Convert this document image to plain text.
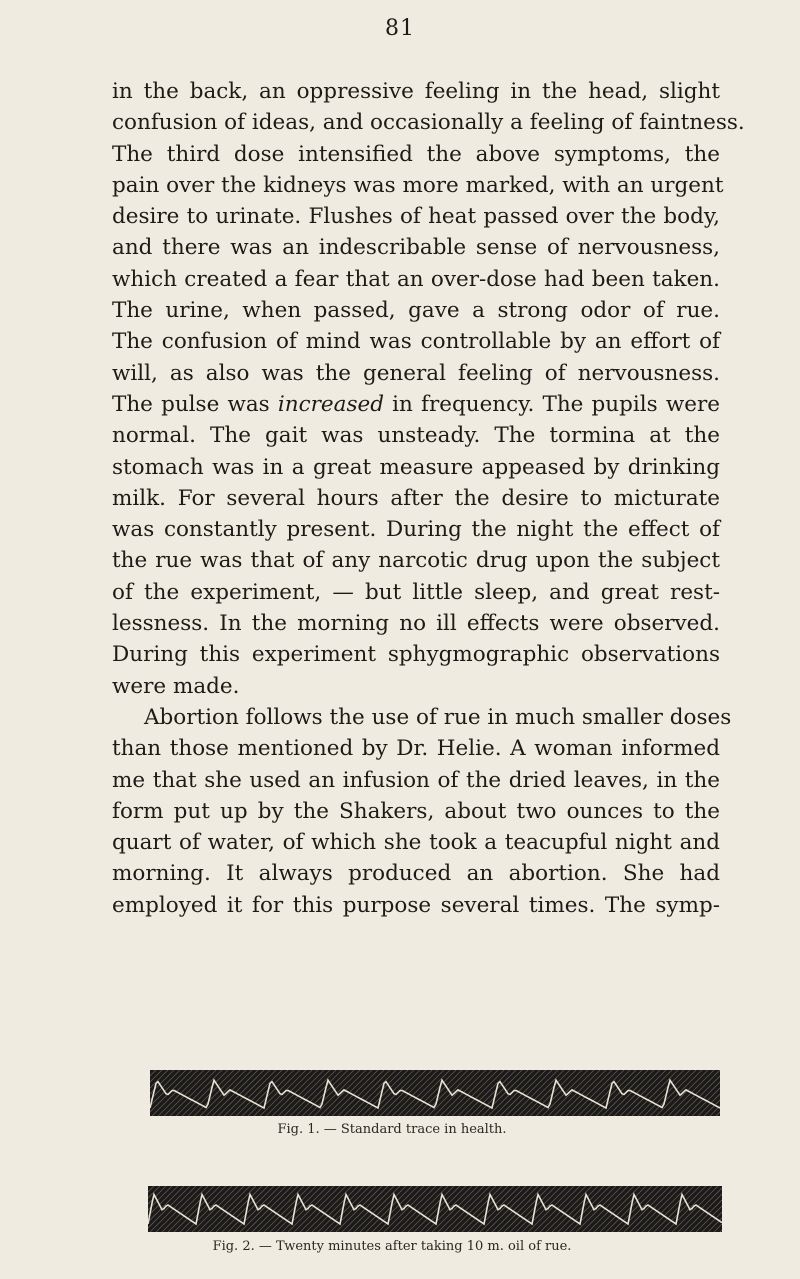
81
in the back, an oppressive feeling in the head, slight
confusion of ideas, and occasionally a feeling of faintness.
The third dose intensified the above symptoms, the
pain over the kidneys was more marked, with an urgent
desire to urinate. Flushes of heat passed over the body,
and there was an indescribable sense of nervousness,
which created a fear that an over-dose had been taken.
The urine, when passed, gave a strong odor of rue.
The confusion of mind was controllable by an effort of
will, as also was the general feeling of nervousness.
The pulse was increased in frequency. The pupils were
normal. The gait was unsteady. The tormina at the
stomach was in a great measure appeased by drinking
milk. For several hours after the desire to micturate
was constantly present. During the night the effect of
the rue was that of any narcotic drug upon the subject
of the experiment, — but little sleep, and great rest-
lessness. In the morning no ill effects were observed.
During this experiment sphygmographic observations
were made.
Abortion follows the use of rue in much smaller doses
than those mentioned by Dr. Helie. A woman informed
me that she used an infusion of the dried leaves, in the
form put up by the Shakers, about two ounces to the
quart of water, of which she took a teacupful night and
morning. It always produced an abortion. She had
employed it for this purpose several times. The symp-
Fig. 1. — Standard trace in health.
Fig. 2. — Twenty minutes after taking 10 m. oil of rue.
